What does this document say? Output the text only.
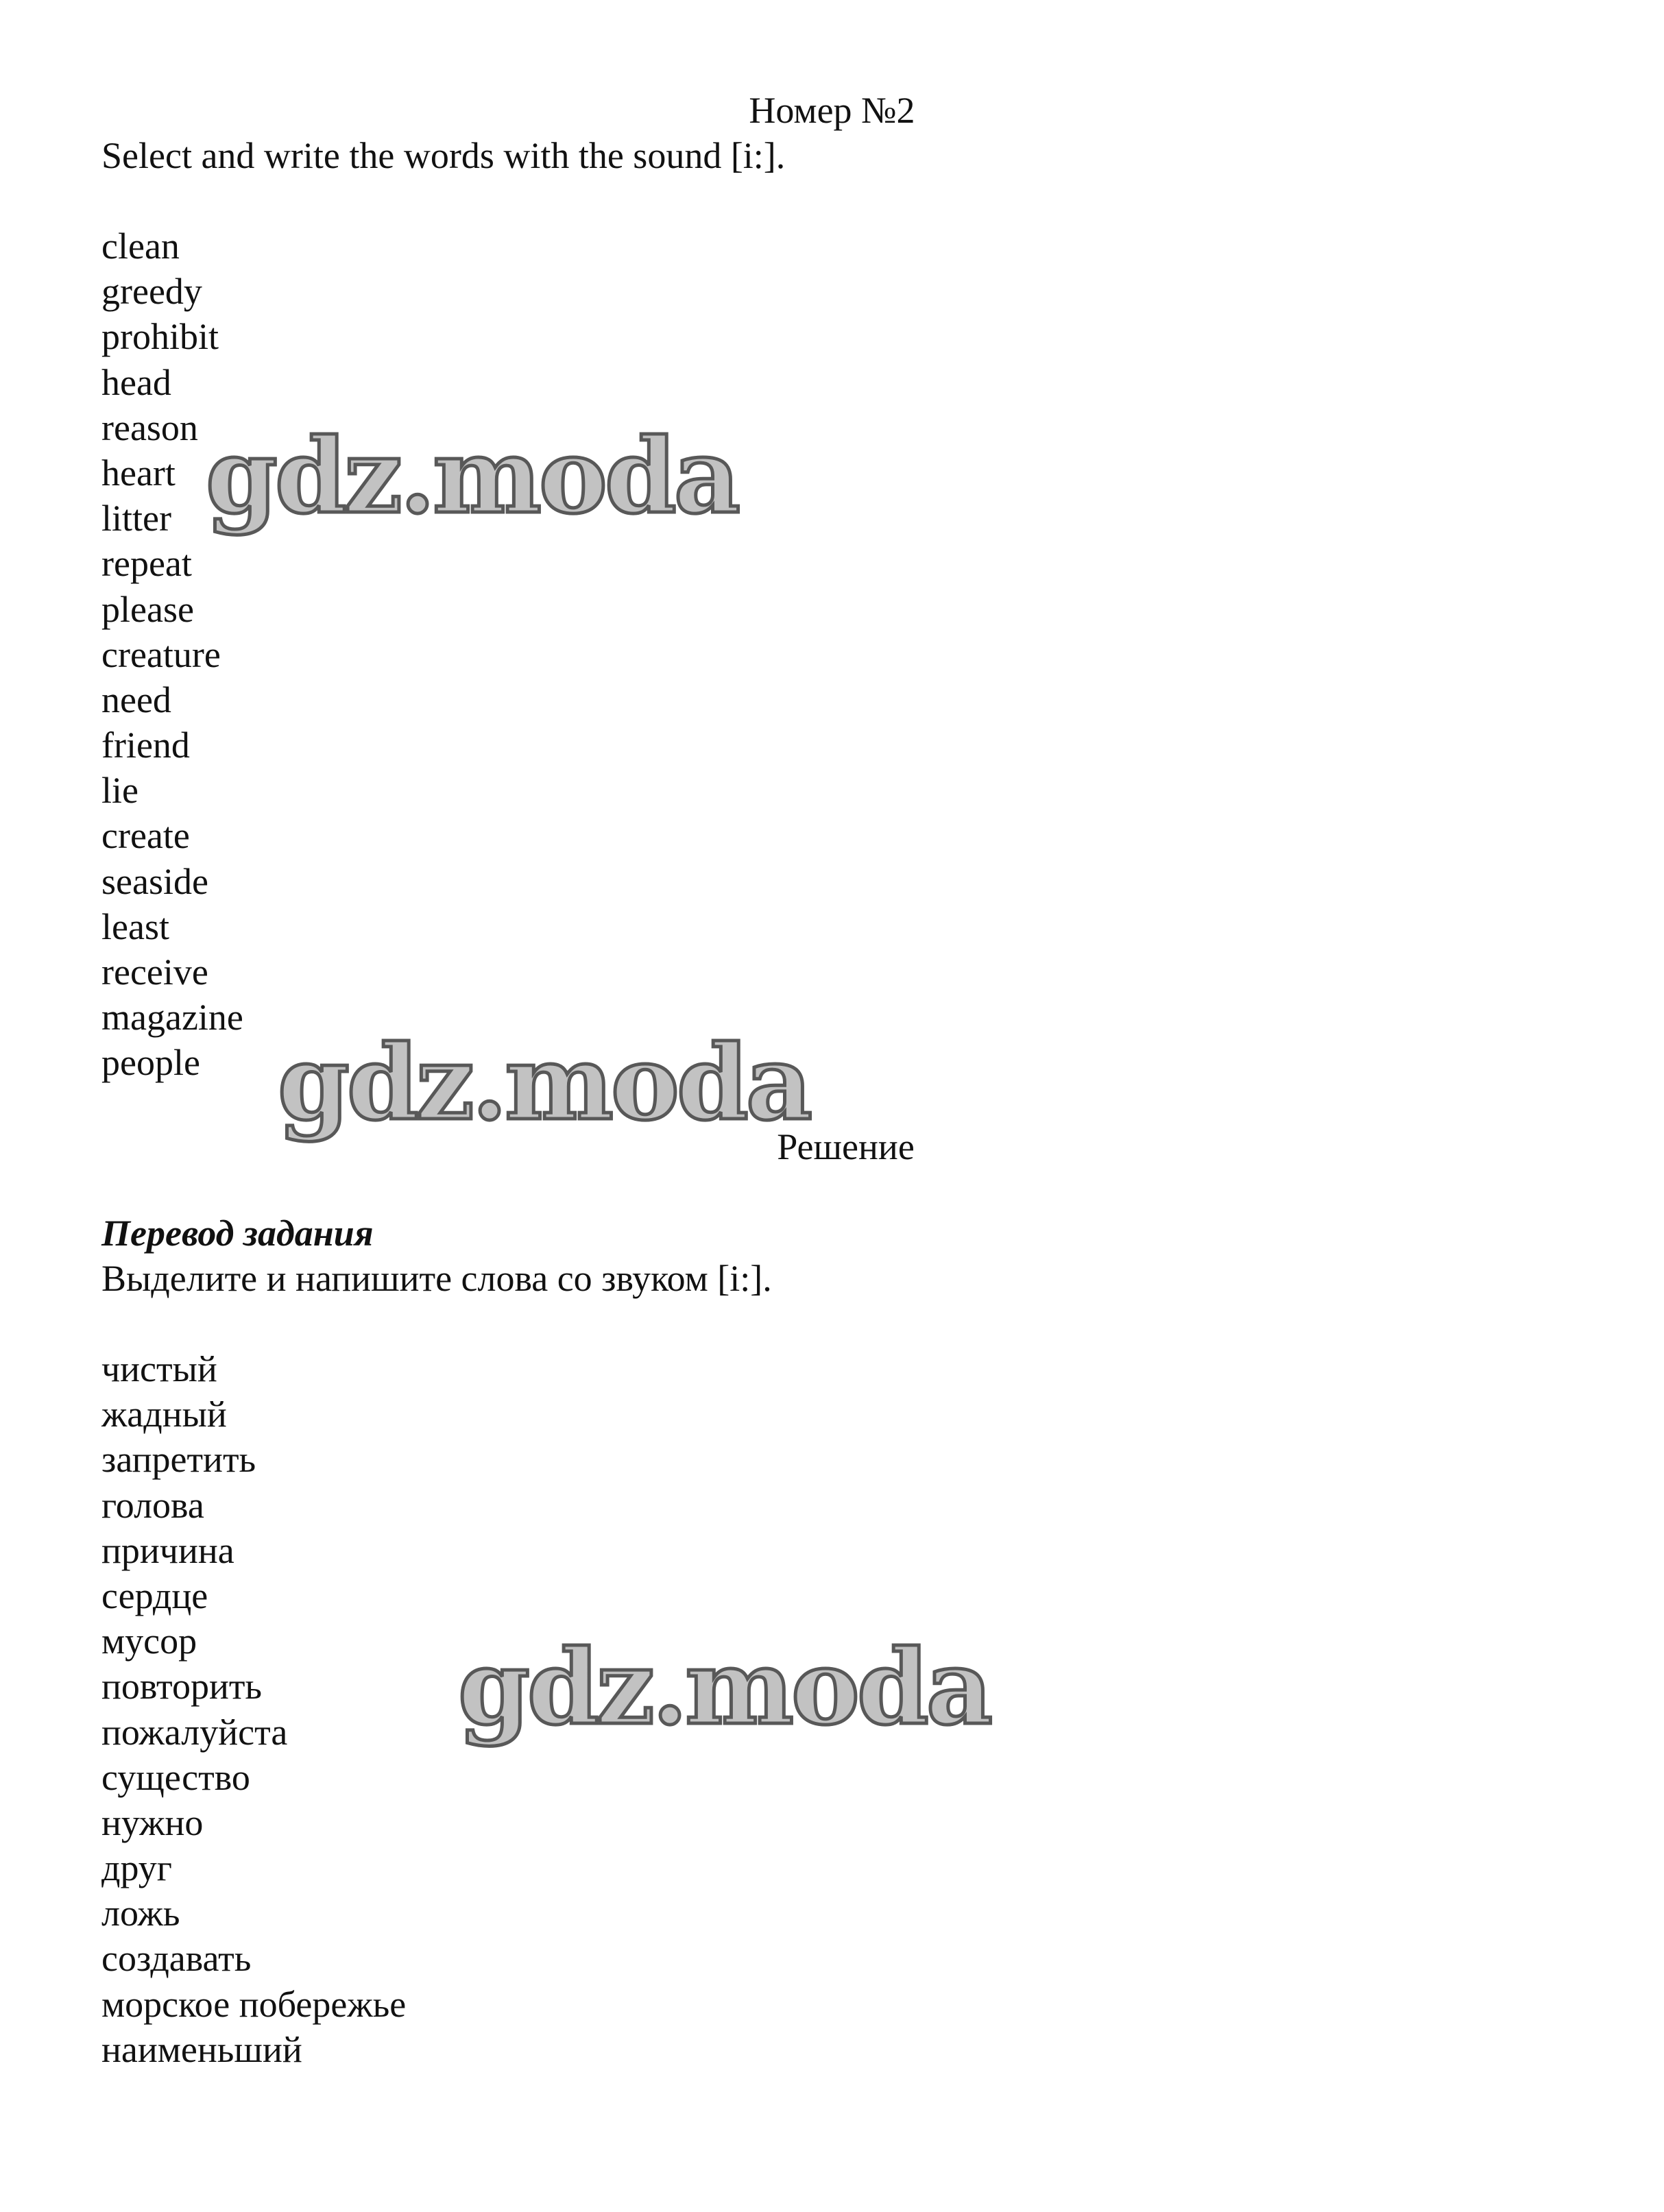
Номер №2
Select and write the words with the sound [i:].
clean
greedy
prohibit
head
reason
heart
litter
repeat
please
creature
need
friend
lie
create
seaside
least
receive
magazine
people
Решение
Перевод задания
Выделите и напишите слова со звуком [i:].
чистый
жадный
запретить
голова
причина
сердце
мусор
повторить
пожалуйста
существо
нужно
друг
ложь
создавать
морское побережье
наименьший
gdz.moda
gdz.moda
gdz.moda
